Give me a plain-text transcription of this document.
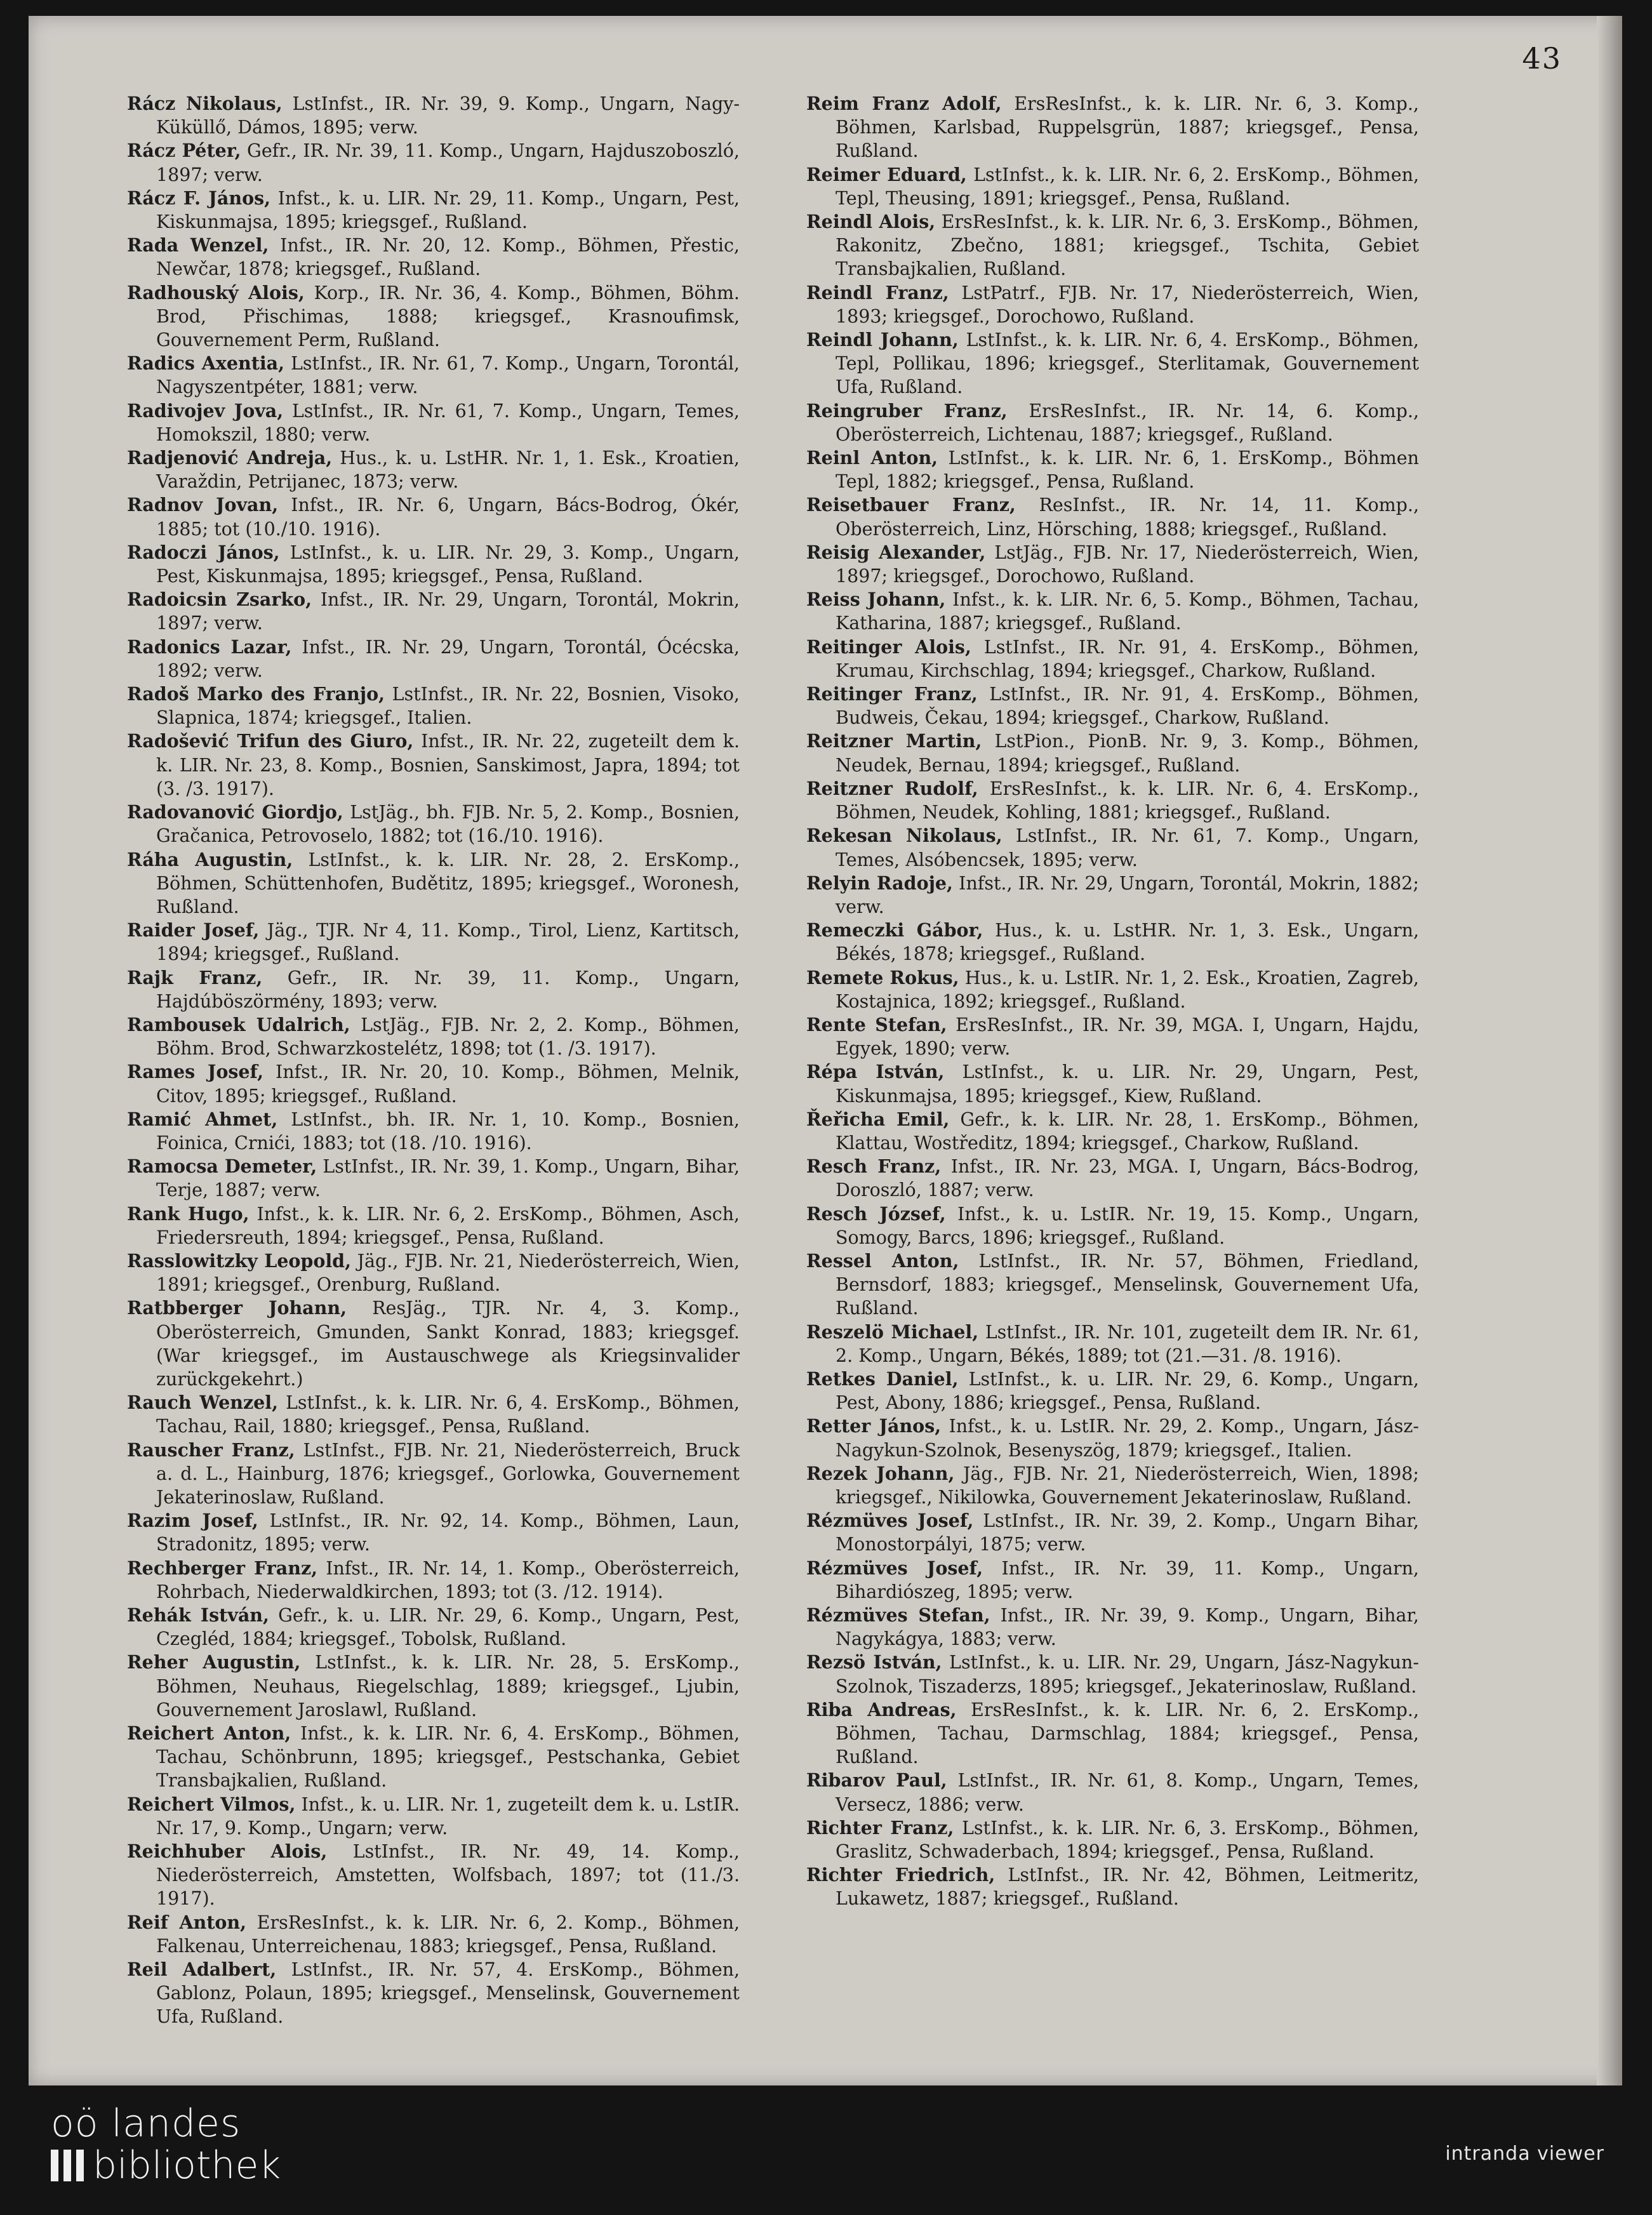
43
Rácz Nikolaus, LstInfst., IR. Nr. 39, 9. Komp., Ungarn, Nagy-Küküllő, Dámos, 1895; verw.
Rácz Péter, Gefr., IR. Nr. 39, 11. Komp., Ungarn, Hajduszoboszló, 1897; verw.
Rácz F. János, Infst., k. u. LIR. Nr. 29, 11. Komp., Ungarn, Pest, Kiskunmajsa, 1895; kriegsgef., Rußland.
Rada Wenzel, Infst., IR. Nr. 20, 12. Komp., Böhmen, Přestic, Newčar, 1878; kriegsgef., Rußland.
Radhouský Alois, Korp., IR. Nr. 36, 4. Komp., Böhmen, Böhm. Brod, Přischimas, 1888; kriegsgef., Krasnoufimsk, Gouvernement Perm, Rußland.
Radics Axentia, LstInfst., IR. Nr. 61, 7. Komp., Ungarn, Torontál, Nagyszentpéter, 1881; verw.
Radivojev Jova, LstInfst., IR. Nr. 61, 7. Komp., Ungarn, Temes, Homokszil, 1880; verw.
Radjenović Andreja, Hus., k. u. LstHR. Nr. 1, 1. Esk., Kroatien, Varaždin, Petrijanec, 1873; verw.
Radnov Jovan, Infst., IR. Nr. 6, Ungarn, Bács-Bodrog, Ókér, 1885; tot (10./10. 1916).
Radoczi János, LstInfst., k. u. LIR. Nr. 29, 3. Komp., Ungarn, Pest, Kiskunmajsa, 1895; kriegsgef., Pensa, Rußland.
Radoicsin Zsarko, Infst., IR. Nr. 29, Ungarn, Torontál, Mokrin, 1897; verw.
Radonics Lazar, Infst., IR. Nr. 29, Ungarn, Torontál, Ócécska, 1892; verw.
Radoš Marko des Franjo, LstInfst., IR. Nr. 22, Bosnien, Visoko, Slapnica, 1874; kriegsgef., Italien.
Radošević Trifun des Giuro, Infst., IR. Nr. 22, zugeteilt dem k. k. LIR. Nr. 23, 8. Komp., Bosnien, Sanskimost, Japra, 1894; tot (3. /3. 1917).
Radovanović Giordjo, LstJäg., bh. FJB. Nr. 5, 2. Komp., Bosnien, Gračanica, Petrovoselo, 1882; tot (16./10. 1916).
Ráha Augustin, LstInfst., k. k. LIR. Nr. 28, 2. ErsKomp., Böhmen, Schüttenhofen, Budětitz, 1895; kriegsgef., Woronesh, Rußland.
Raider Josef, Jäg., TJR. Nr 4, 11. Komp., Tirol, Lienz, Kartitsch, 1894; kriegsgef., Rußland.
Rajk Franz, Gefr., IR. Nr. 39, 11. Komp., Ungarn, Hajdúböszörmény, 1893; verw.
Rambousek Udalrich, LstJäg., FJB. Nr. 2, 2. Komp., Böhmen, Böhm. Brod, Schwarzkostelétz, 1898; tot (1. /3. 1917).
Rames Josef, Infst., IR. Nr. 20, 10. Komp., Böhmen, Melnik, Citov, 1895; kriegsgef., Rußland.
Ramić Ahmet, LstInfst., bh. IR. Nr. 1, 10. Komp., Bosnien, Foinica, Crnići, 1883; tot (18. /10. 1916).
Ramocsa Demeter, LstInfst., IR. Nr. 39, 1. Komp., Ungarn, Bihar, Terje, 1887; verw.
Rank Hugo, Infst., k. k. LIR. Nr. 6, 2. ErsKomp., Böhmen, Asch, Friedersreuth, 1894; kriegsgef., Pensa, Rußland.
Rasslowitzky Leopold, Jäg., FJB. Nr. 21, Niederösterreich, Wien, 1891; kriegsgef., Orenburg, Rußland.
Ratbberger Johann, ResJäg., TJR. Nr. 4, 3. Komp., Oberösterreich, Gmunden, Sankt Konrad, 1883; kriegsgef. (War kriegsgef., im Austauschwege als Kriegsinvalider zurückgekehrt.)
Rauch Wenzel, LstInfst., k. k. LIR. Nr. 6, 4. ErsKomp., Böhmen, Tachau, Rail, 1880; kriegsgef., Pensa, Rußland.
Rauscher Franz, LstInfst., FJB. Nr. 21, Niederösterreich, Bruck a. d. L., Hainburg, 1876; kriegsgef., Gorlowka, Gouvernement Jekaterinoslaw, Rußland.
Razim Josef, LstInfst., IR. Nr. 92, 14. Komp., Böhmen, Laun, Stradonitz, 1895; verw.
Rechberger Franz, Infst., IR. Nr. 14, 1. Komp., Oberösterreich, Rohrbach, Niederwaldkirchen, 1893; tot (3. /12. 1914).
Rehák István, Gefr., k. u. LIR. Nr. 29, 6. Komp., Ungarn, Pest, Czegléd, 1884; kriegsgef., Tobolsk, Rußland.
Reher Augustin, LstInfst., k. k. LIR. Nr. 28, 5. ErsKomp., Böhmen, Neuhaus, Riegelschlag, 1889; kriegsgef., Ljubin, Gouvernement Jaroslawl, Rußland.
Reichert Anton, Infst., k. k. LIR. Nr. 6, 4. ErsKomp., Böhmen, Tachau, Schönbrunn, 1895; kriegsgef., Pestschanka, Gebiet Transbajkalien, Rußland.
Reichert Vilmos, Infst., k. u. LIR. Nr. 1, zugeteilt dem k. u. LstIR. Nr. 17, 9. Komp., Ungarn; verw.
Reichhuber Alois, LstInfst., IR. Nr. 49, 14. Komp., Niederösterreich, Amstetten, Wolfsbach, 1897; tot (11./3. 1917).
Reif Anton, ErsResInfst., k. k. LIR. Nr. 6, 2. Komp., Böhmen, Falkenau, Unterreichenau, 1883; kriegsgef., Pensa, Rußland.
Reil Adalbert, LstInfst., IR. Nr. 57, 4. ErsKomp., Böhmen, Gablonz, Polaun, 1895; kriegsgef., Menselinsk, Gouvernement Ufa, Rußland.
Reim Franz Adolf, ErsResInfst., k. k. LIR. Nr. 6, 3. Komp., Böhmen, Karlsbad, Ruppelsgrün, 1887; kriegsgef., Pensa, Rußland.
Reimer Eduard, LstInfst., k. k. LIR. Nr. 6, 2. ErsKomp., Böhmen, Tepl, Theusing, 1891; kriegsgef., Pensa, Rußland.
Reindl Alois, ErsResInfst., k. k. LIR. Nr. 6, 3. ErsKomp., Böhmen, Rakonitz, Zbečno, 1881; kriegsgef., Tschita, Gebiet Transbajkalien, Rußland.
Reindl Franz, LstPatrf., FJB. Nr. 17, Niederösterreich, Wien, 1893; kriegsgef., Dorochowo, Rußland.
Reindl Johann, LstInfst., k. k. LIR. Nr. 6, 4. ErsKomp., Böhmen, Tepl, Pollikau, 1896; kriegsgef., Sterlitamak, Gouvernement Ufa, Rußland.
Reingruber Franz, ErsResInfst., IR. Nr. 14, 6. Komp., Oberösterreich, Lichtenau, 1887; kriegsgef., Rußland.
Reinl Anton, LstInfst., k. k. LIR. Nr. 6, 1. ErsKomp., Böhmen Tepl, 1882; kriegsgef., Pensa, Rußland.
Reisetbauer Franz, ResInfst., IR. Nr. 14, 11. Komp., Oberösterreich, Linz, Hörsching, 1888; kriegsgef., Rußland.
Reisig Alexander, LstJäg., FJB. Nr. 17, Niederösterreich, Wien, 1897; kriegsgef., Dorochowo, Rußland.
Reiss Johann, Infst., k. k. LIR. Nr. 6, 5. Komp., Böhmen, Tachau, Katharina, 1887; kriegsgef., Rußland.
Reitinger Alois, LstInfst., IR. Nr. 91, 4. ErsKomp., Böhmen, Krumau, Kirchschlag, 1894; kriegsgef., Charkow, Rußland.
Reitinger Franz, LstInfst., IR. Nr. 91, 4. ErsKomp., Böhmen, Budweis, Čekau, 1894; kriegsgef., Charkow, Rußland.
Reitzner Martin, LstPion., PionB. Nr. 9, 3. Komp., Böhmen, Neudek, Bernau, 1894; kriegsgef., Rußland.
Reitzner Rudolf, ErsResInfst., k. k. LIR. Nr. 6, 4. ErsKomp., Böhmen, Neudek, Kohling, 1881; kriegsgef., Rußland.
Rekesan Nikolaus, LstInfst., IR. Nr. 61, 7. Komp., Ungarn, Temes, Alsóbencsek, 1895; verw.
Relyin Radoje, Infst., IR. Nr. 29, Ungarn, Torontál, Mokrin, 1882; verw.
Remeczki Gábor, Hus., k. u. LstHR. Nr. 1, 3. Esk., Ungarn, Békés, 1878; kriegsgef., Rußland.
Remete Rokus, Hus., k. u. LstIR. Nr. 1, 2. Esk., Kroatien, Zagreb, Kostajnica, 1892; kriegsgef., Rußland.
Rente Stefan, ErsResInfst., IR. Nr. 39, MGA. I, Ungarn, Hajdu, Egyek, 1890; verw.
Répa István, LstInfst., k. u. LIR. Nr. 29, Ungarn, Pest, Kiskunmajsa, 1895; kriegsgef., Kiew, Rußland.
Řeřicha Emil, Gefr., k. k. LIR. Nr. 28, 1. ErsKomp., Böhmen, Klattau, Wostředitz, 1894; kriegsgef., Charkow, Rußland.
Resch Franz, Infst., IR. Nr. 23, MGA. I, Ungarn, Bács-Bodrog, Doroszló, 1887; verw.
Resch József, Infst., k. u. LstIR. Nr. 19, 15. Komp., Ungarn, Somogy, Barcs, 1896; kriegsgef., Rußland.
Ressel Anton, LstInfst., IR. Nr. 57, Böhmen, Friedland, Bernsdorf, 1883; kriegsgef., Menselinsk, Gouvernement Ufa, Rußland.
Reszelö Michael, LstInfst., IR. Nr. 101, zugeteilt dem IR. Nr. 61, 2. Komp., Ungarn, Békés, 1889; tot (21.—31. /8. 1916).
Retkes Daniel, LstInfst., k. u. LIR. Nr. 29, 6. Komp., Ungarn, Pest, Abony, 1886; kriegsgef., Pensa, Rußland.
Retter János, Infst., k. u. LstIR. Nr. 29, 2. Komp., Ungarn, Jász-Nagykun-Szolnok, Besenyszög, 1879; kriegsgef., Italien.
Rezek Johann, Jäg., FJB. Nr. 21, Niederösterreich, Wien, 1898; kriegsgef., Nikilowka, Gouvernement Jekaterinoslaw, Rußland.
Rézmüves Josef, LstInfst., IR. Nr. 39, 2. Komp., Ungarn Bihar, Monostorpályi, 1875; verw.
Rézmüves Josef, Infst., IR. Nr. 39, 11. Komp., Ungarn, Bihardiószeg, 1895; verw.
Rézmüves Stefan, Infst., IR. Nr. 39, 9. Komp., Ungarn, Bihar, Nagykágya, 1883; verw.
Rezsö István, LstInfst., k. u. LIR. Nr. 29, Ungarn, Jász-Nagykun-Szolnok, Tiszaderzs, 1895; kriegsgef., Jekaterinoslaw, Rußland.
Riba Andreas, ErsResInfst., k. k. LIR. Nr. 6, 2. ErsKomp., Böhmen, Tachau, Darmschlag, 1884; kriegsgef., Pensa, Rußland.
Ribarov Paul, LstInfst., IR. Nr. 61, 8. Komp., Ungarn, Temes, Versecz, 1886; verw.
Richter Franz, LstInfst., k. k. LIR. Nr. 6, 3. ErsKomp., Böhmen, Graslitz, Schwaderbach, 1894; kriegsgef., Pensa, Rußland.
Richter Friedrich, LstInfst., IR. Nr. 42, Böhmen, Leitmeritz, Lukawetz, 1887; kriegsgef., Rußland.
oö landes
bibliothek	intranda viewer
